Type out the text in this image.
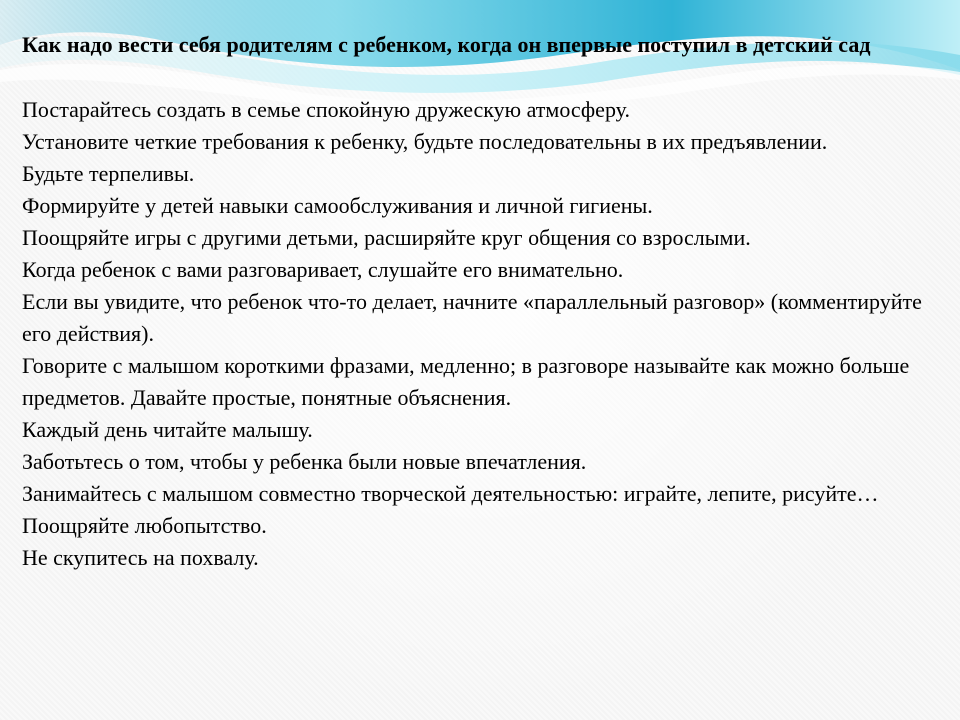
Как надо вести себя родителям с ребенком, когда он впервые поступил в детский сад

Постарайтесь создать в семье спокойную дружескую атмосферу.

Установите четкие требования к ребенку, будьте последовательны в их предъявлении.

Будьте терпеливы.

Формируйте у детей навыки самообслуживания и личной гигиены.

Поощряйте игры с другими детьми, расширяйте круг общения со взрослыми.

Когда ребенок с вами разговаривает, слушайте его внимательно.

Если вы увидите, что ребенок что-то делает, начните «параллельный разговор» (комментируйте его действия).

Говорите с малышом короткими фразами, медленно; в разговоре называйте как можно больше предметов. Давайте простые, понятные объяснения.

Каждый день читайте малышу.

Заботьтесь о том, чтобы у ребенка были новые впечатления.

Занимайтесь с малышом совместно творческой деятельностью: играйте, лепите, рисуйте…

Поощряйте любопытство.

Не скупитесь на похвалу.
